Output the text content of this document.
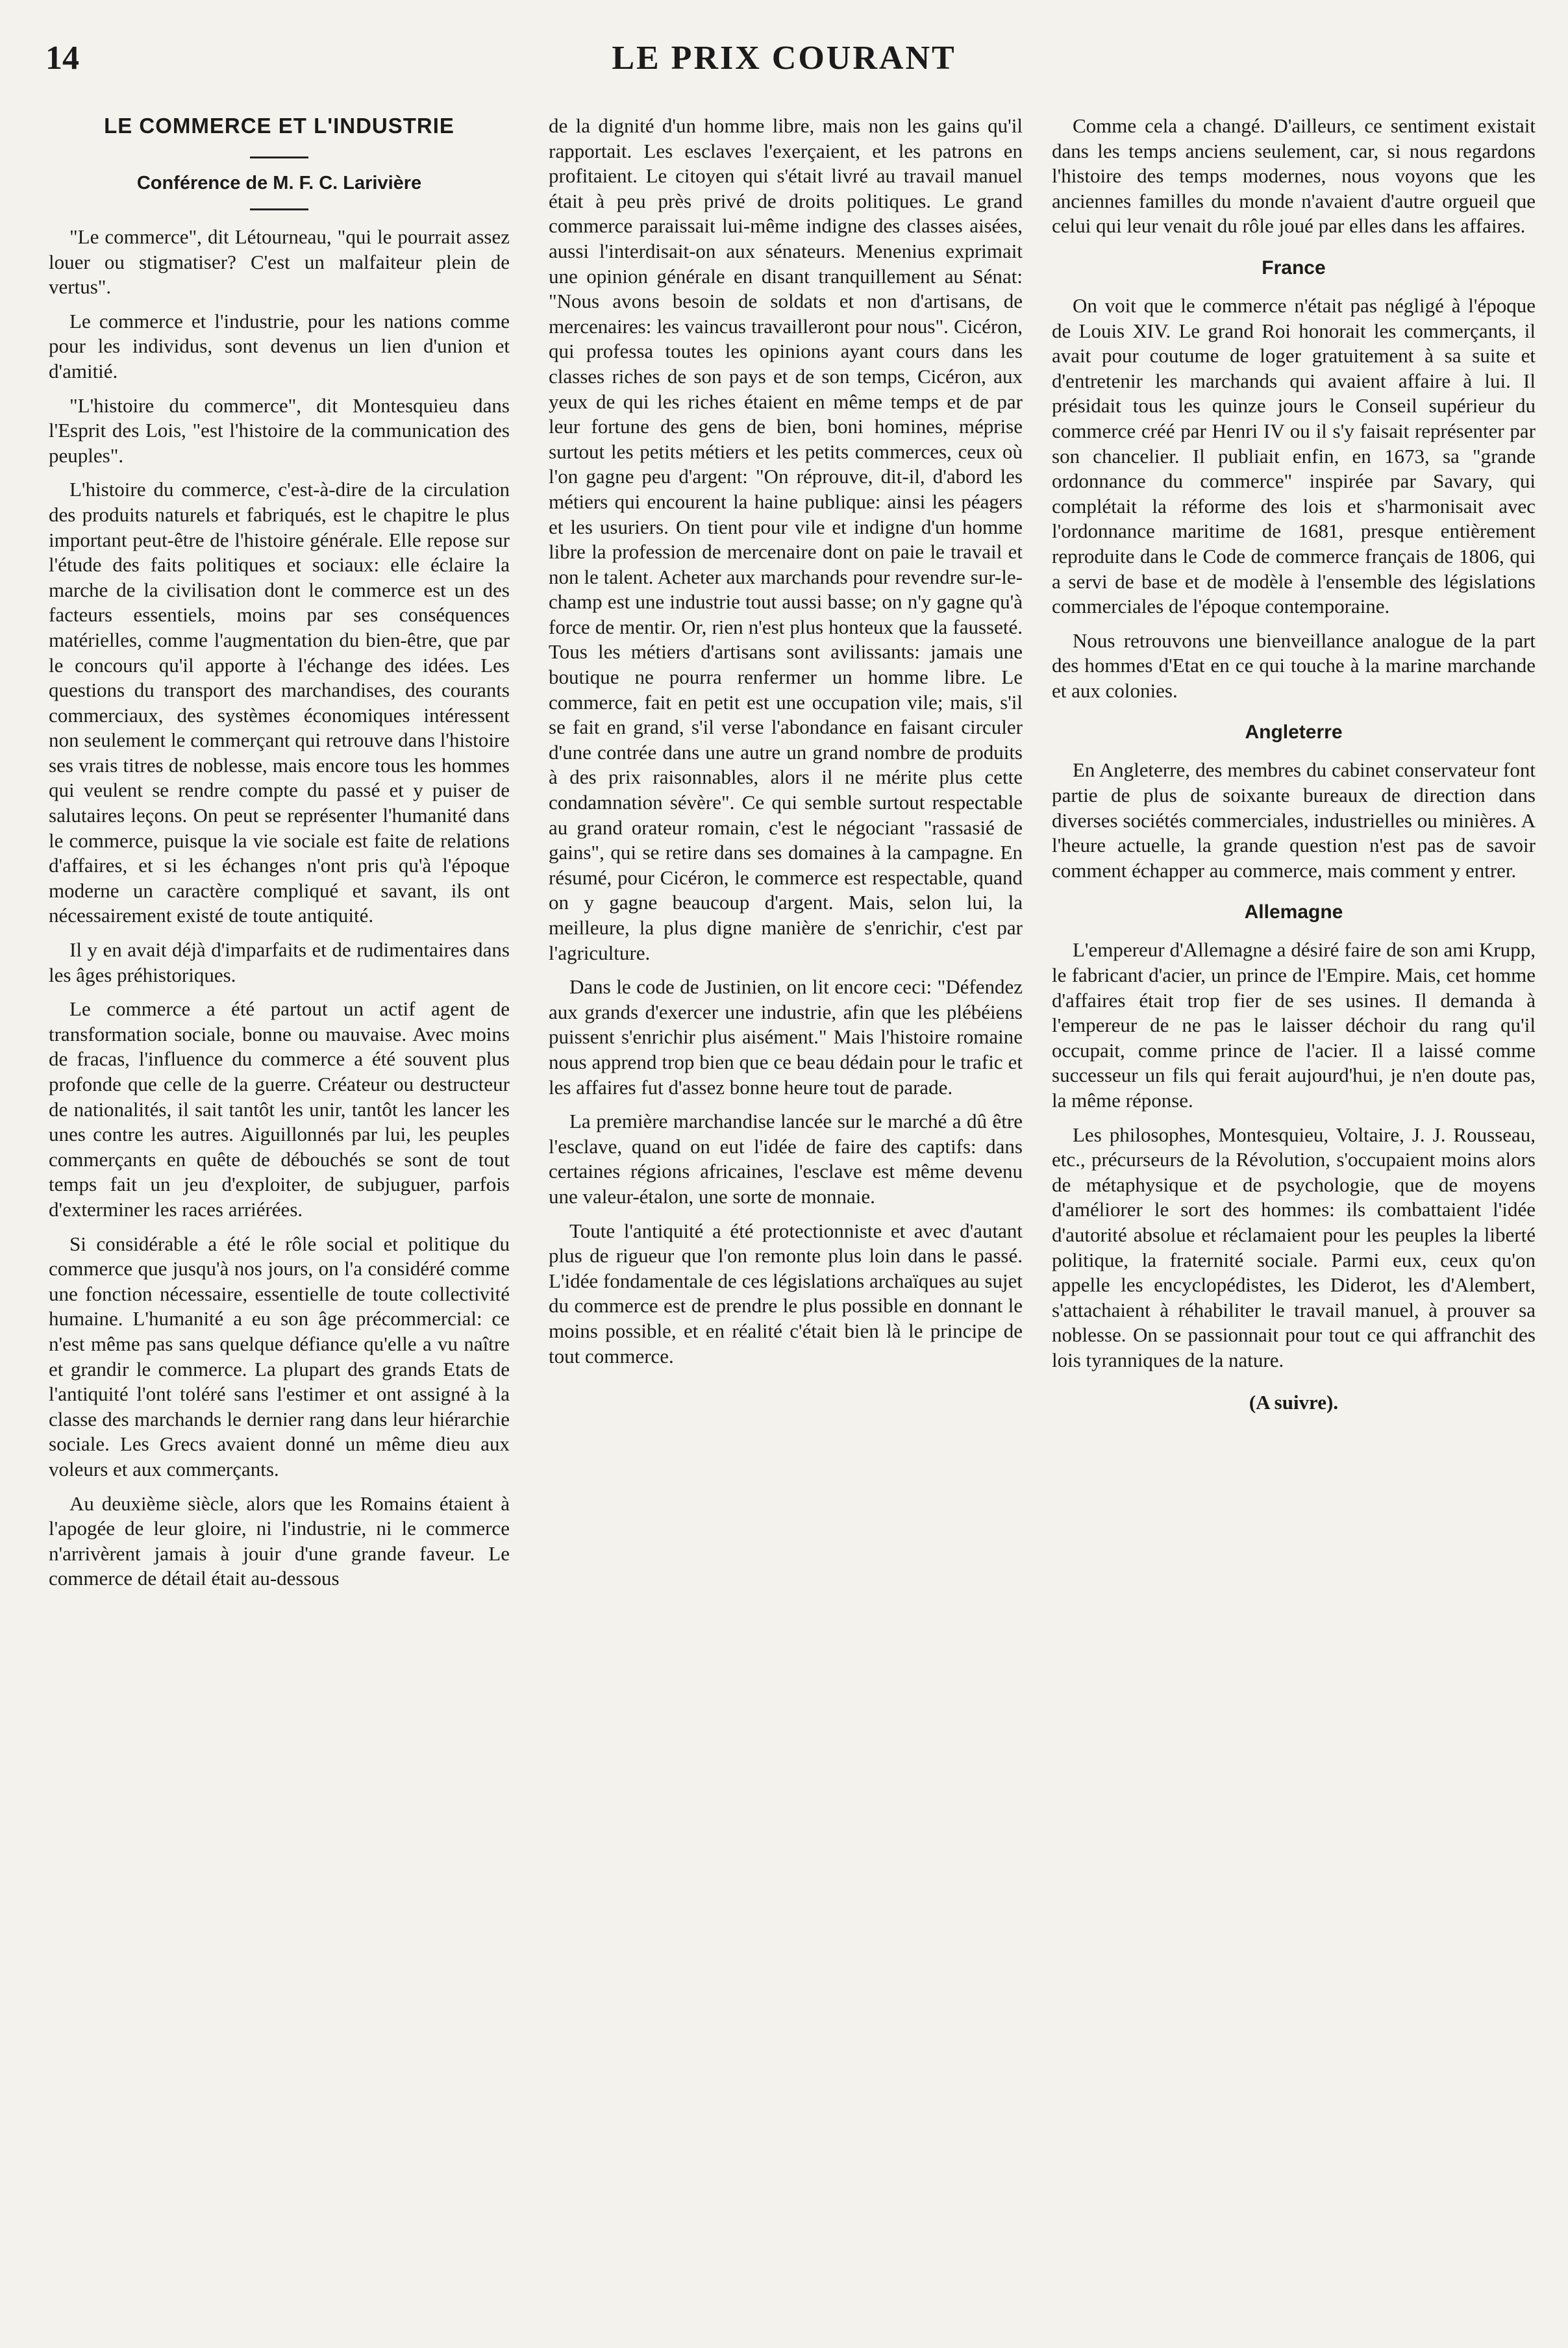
14	LE PRIX COURANT
LE COMMERCE ET L'INDUSTRIE
Conférence de M. F. C. Larivière

"Le commerce", dit Létourneau, "qui le pourrait assez louer ou stigmatiser? C'est un malfaiteur plein de vertus".

Le commerce et l'industrie, pour les nations comme pour les individus, sont devenus un lien d'union et d'amitié.

"L'histoire du commerce", dit Montesquieu dans l'Esprit des Lois, "est l'histoire de la communication des peuples".

L'histoire du commerce, c'est-à-dire de la circulation des produits naturels et fabriqués, est le chapitre le plus important peut-être de l'histoire générale. Elle repose sur l'étude des faits politiques et sociaux: elle éclaire la marche de la civilisation dont le commerce est un des facteurs essentiels, moins par ses conséquences matérielles, comme l'augmentation du bien-être, que par le concours qu'il apporte à l'échange des idées. Les questions du transport des marchandises, des courants commerciaux, des systèmes économiques intéressent non seulement le commerçant qui retrouve dans l'histoire ses vrais titres de noblesse, mais encore tous les hommes qui veulent se rendre compte du passé et y puiser de salutaires leçons. On peut se représenter l'humanité dans le commerce, puisque la vie sociale est faite de relations d'affaires, et si les échanges n'ont pris qu'à l'époque moderne un caractère compliqué et savant, ils ont nécessairement existé de toute antiquité.

Il y en avait déjà d'imparfaits et de rudimentaires dans les âges préhistoriques.

Le commerce a été partout un actif agent de transformation sociale, bonne ou mauvaise. Avec moins de fracas, l'influence du commerce a été souvent plus profonde que celle de la guerre. Créateur ou destructeur de nationalités, il sait tantôt les unir, tantôt les lancer les unes contre les autres. Aiguillonnés par lui, les peuples commerçants en quête de débouchés se sont de tout temps fait un jeu d'exploiter, de subjuguer, parfois d'exterminer les races arriérées.

Si considérable a été le rôle social et politique du commerce que jusqu'à nos jours, on l'a considéré comme une fonction nécessaire, essentielle de toute collectivité humaine. L'humanité a eu son âge précommercial: ce n'est même pas sans quelque défiance qu'elle a vu naître et grandir le commerce. La plupart des grands Etats de l'antiquité l'ont toléré sans l'estimer et ont assigné à la classe des marchands le dernier rang dans leur hiérarchie sociale. Les Grecs avaient donné un même dieu aux voleurs et aux commerçants.

Au deuxième siècle, alors que les Romains étaient à l'apogée de leur gloire, ni l'industrie, ni le commerce n'arrivèrent jamais à jouir d'une grande faveur. Le commerce de détail était au-dessous

de la dignité d'un homme libre, mais non les gains qu'il rapportait. Les esclaves l'exerçaient, et les patrons en profitaient. Le citoyen qui s'était livré au travail manuel était à peu près privé de droits politiques. Le grand commerce paraissait lui-même indigne des classes aisées, aussi l'interdisait-on aux sénateurs. Menenius exprimait une opinion générale en disant tranquillement au Sénat: "Nous avons besoin de soldats et non d'artisans, de mercenaires: les vaincus travailleront pour nous". Cicéron, qui professa toutes les opinions ayant cours dans les classes riches de son pays et de son temps, Cicéron, aux yeux de qui les riches étaient en même temps et de par leur fortune des gens de bien, boni homines, méprise surtout les petits métiers et les petits commerces, ceux où l'on gagne peu d'argent: "On réprouve, dit-il, d'abord les métiers qui encourent la haine publique: ainsi les péagers et les usuriers. On tient pour vile et indigne d'un homme libre la profession de mercenaire dont on paie le travail et non le talent. Acheter aux marchands pour revendre sur-le-champ est une industrie tout aussi basse; on n'y gagne qu'à force de mentir. Or, rien n'est plus honteux que la fausseté. Tous les métiers d'artisans sont avilissants: jamais une boutique ne pourra renfermer un homme libre. Le commerce, fait en petit est une occupation vile; mais, s'il se fait en grand, s'il verse l'abondance en faisant circuler d'une contrée dans une autre un grand nombre de produits à des prix raisonnables, alors il ne mérite plus cette condamnation sévère". Ce qui semble surtout respectable au grand orateur romain, c'est le négociant "rassasié de gains", qui se retire dans ses domaines à la campagne. En résumé, pour Cicéron, le commerce est respectable, quand on y gagne beaucoup d'argent. Mais, selon lui, la meilleure, la plus digne manière de s'enrichir, c'est par l'agriculture.

Dans le code de Justinien, on lit encore ceci: "Défendez aux grands d'exercer une industrie, afin que les plébéiens puissent s'enrichir plus aisément." Mais l'histoire romaine nous apprend trop bien que ce beau dédain pour le trafic et les affaires fut d'assez bonne heure tout de parade.

La première marchandise lancée sur le marché a dû être l'esclave, quand on eut l'idée de faire des captifs: dans certaines régions africaines, l'esclave est même devenu une valeur-étalon, une sorte de monnaie.

Toute l'antiquité a été protectionniste et avec d'autant plus de rigueur que l'on remonte plus loin dans le passé. L'idée fondamentale de ces législations archaïques au sujet du commerce est de prendre le plus possible en donnant le moins possible, et en réalité c'était bien là le principe de tout commerce.

Comme cela a changé. D'ailleurs, ce sentiment existait dans les temps anciens seulement, car, si nous regardons l'histoire des temps modernes, nous voyons que les anciennes familles du monde n'avaient d'autre orgueil que celui qui leur venait du rôle joué par elles dans les affaires.

France

On voit que le commerce n'était pas négligé à l'époque de Louis XIV. Le grand Roi honorait les commerçants, il avait pour coutume de loger gratuitement à sa suite et d'entretenir les marchands qui avaient affaire à lui. Il présidait tous les quinze jours le Conseil supérieur du commerce créé par Henri IV ou il s'y faisait représenter par son chancelier. Il publiait enfin, en 1673, sa "grande ordonnance du commerce" inspirée par Savary, qui complétait la réforme des lois et s'harmonisait avec l'ordonnance maritime de 1681, presque entièrement reproduite dans le Code de commerce français de 1806, qui a servi de base et de modèle à l'ensemble des législations commerciales de l'époque contemporaine.

Nous retrouvons une bienveillance analogue de la part des hommes d'Etat en ce qui touche à la marine marchande et aux colonies.

Angleterre

En Angleterre, des membres du cabinet conservateur font partie de plus de soixante bureaux de direction dans diverses sociétés commerciales, industrielles ou minières. A l'heure actuelle, la grande question n'est pas de savoir comment échapper au commerce, mais comment y entrer.

Allemagne

L'empereur d'Allemagne a désiré faire de son ami Krupp, le fabricant d'acier, un prince de l'Empire. Mais, cet homme d'affaires était trop fier de ses usines. Il demanda à l'empereur de ne pas le laisser déchoir du rang qu'il occupait, comme prince de l'acier. Il a laissé comme successeur un fils qui ferait aujourd'hui, je n'en doute pas, la même réponse.

Les philosophes, Montesquieu, Voltaire, J. J. Rousseau, etc., précurseurs de la Révolution, s'occupaient moins alors de métaphysique et de psychologie, que de moyens d'améliorer le sort des hommes: ils combattaient l'idée d'autorité absolue et réclamaient pour les peuples la liberté politique, la fraternité sociale. Parmi eux, ceux qu'on appelle les encyclopédistes, les Diderot, les d'Alembert, s'attachaient à réhabiliter le travail manuel, à prouver sa noblesse. On se passionnait pour tout ce qui affranchit des lois tyranniques de la nature.

(A suivre).
